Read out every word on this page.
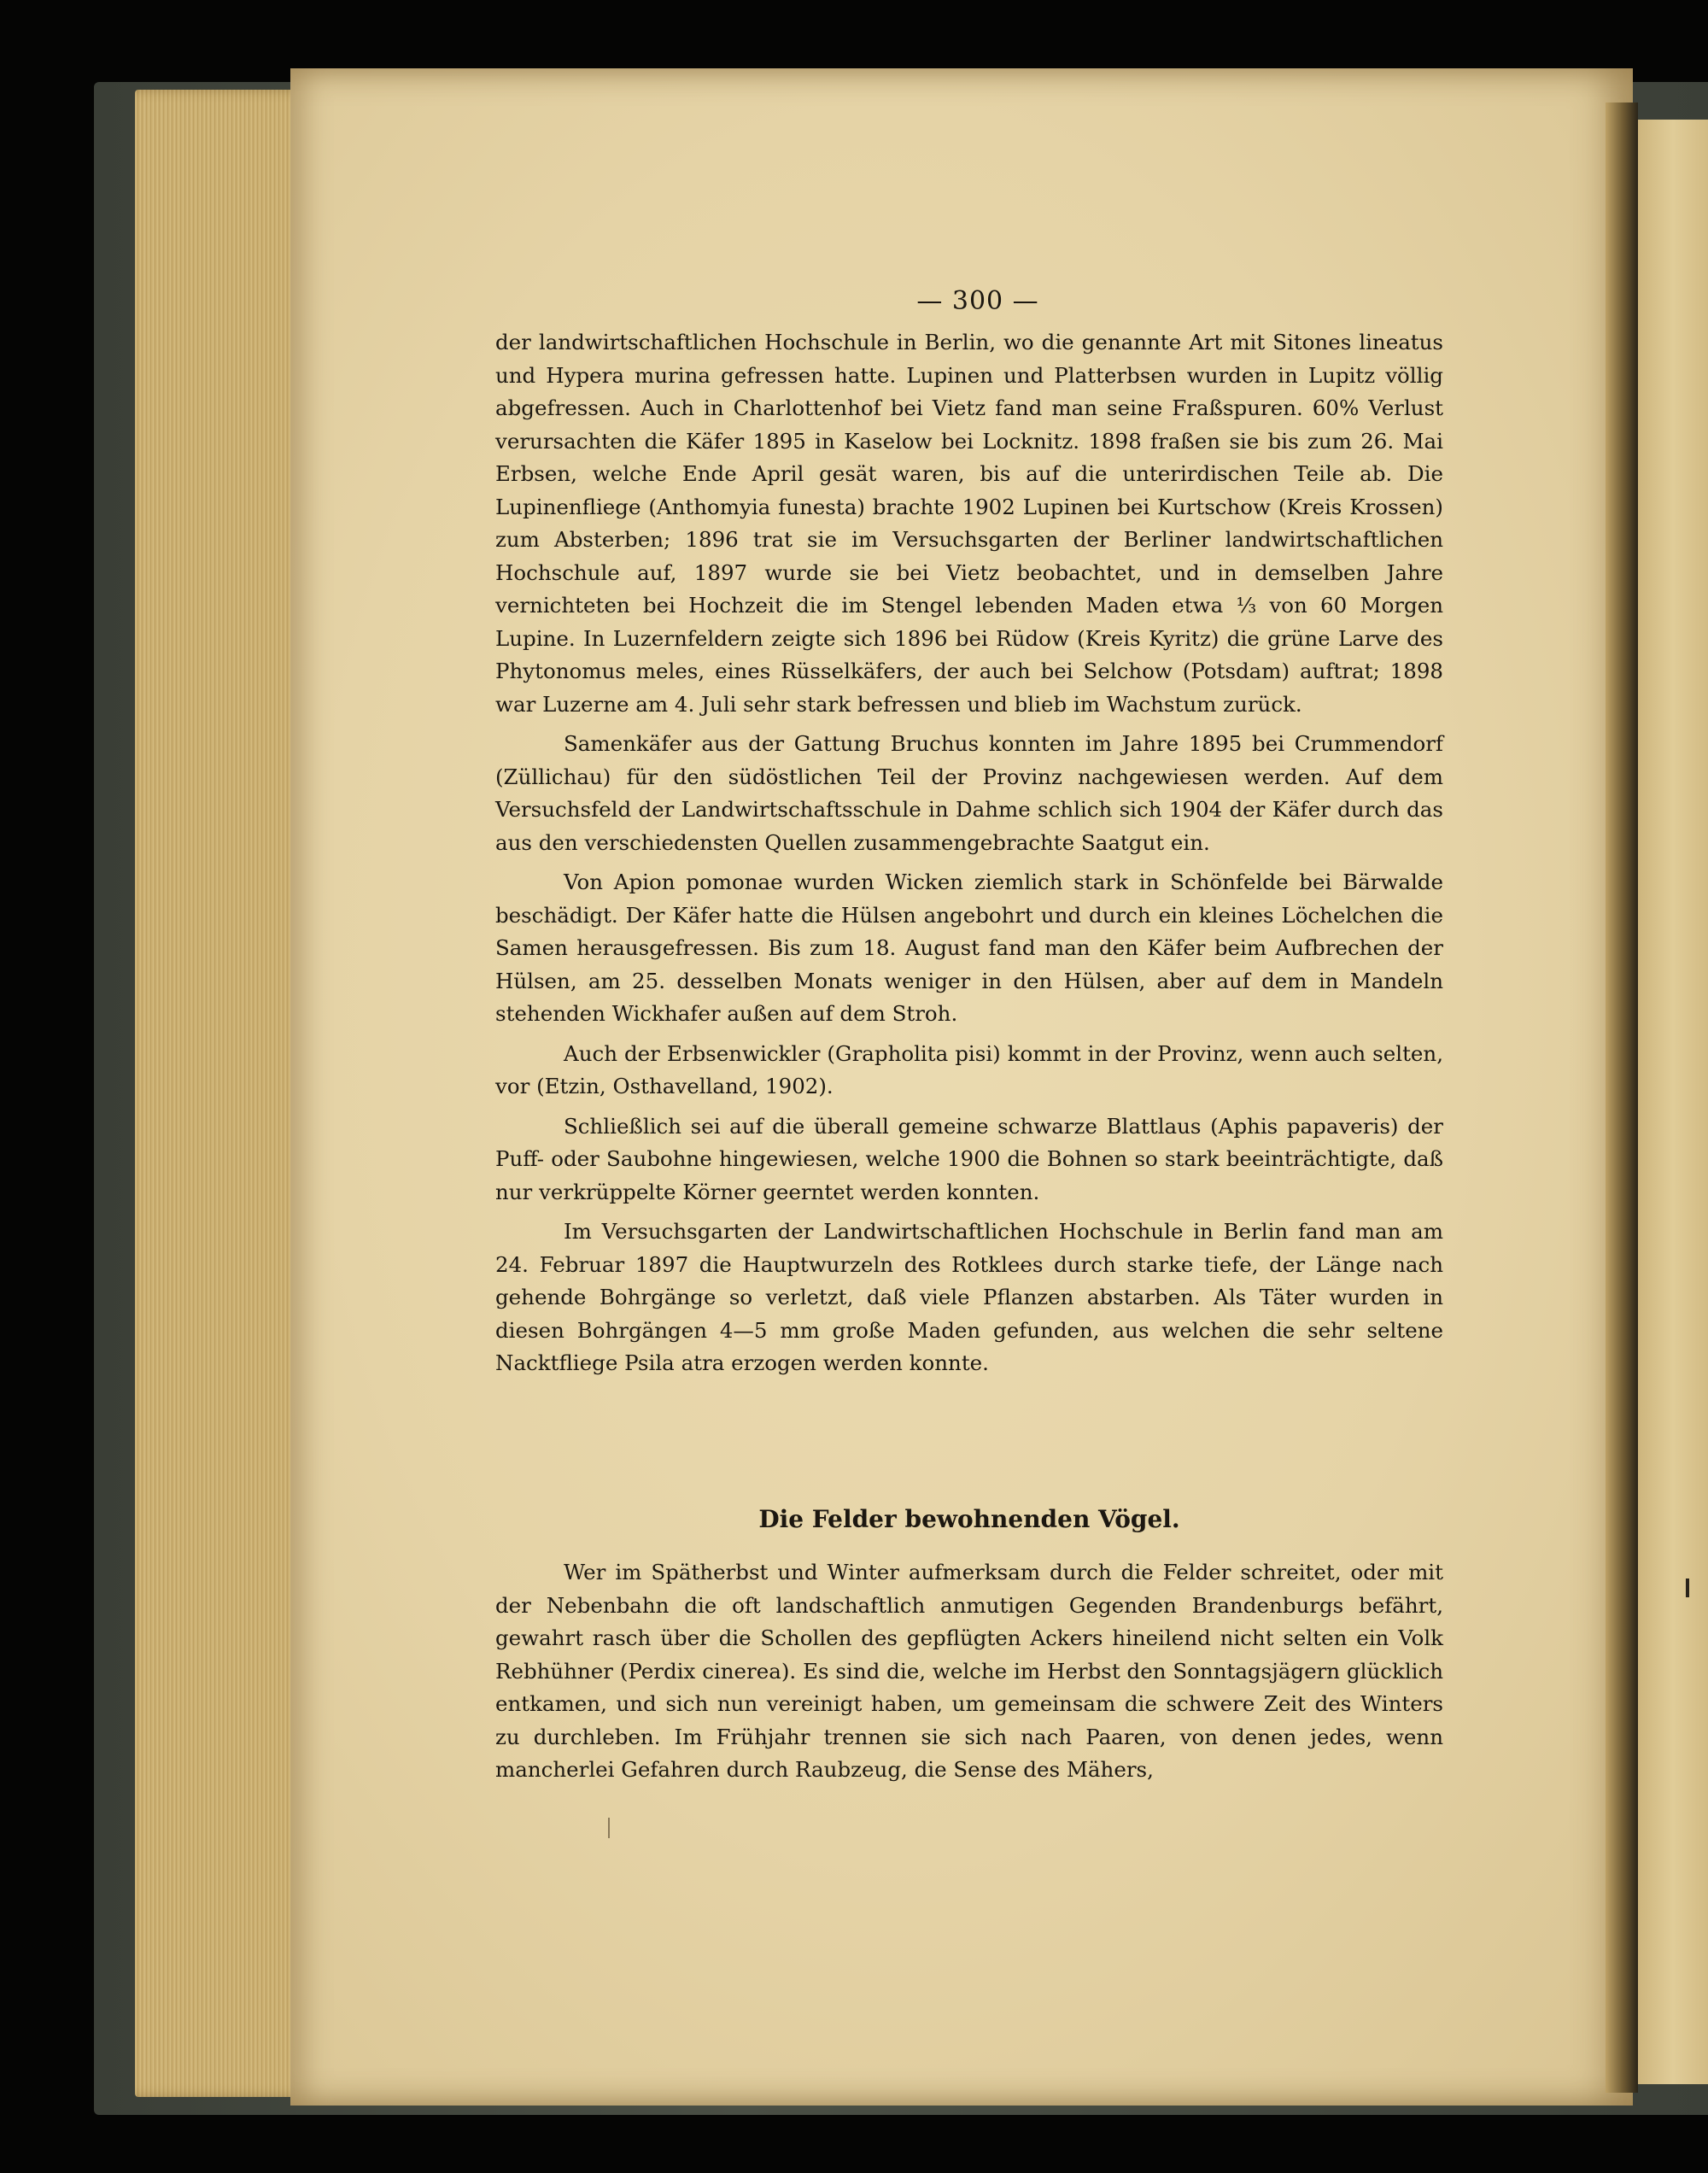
— 300 —

der landwirtschaftlichen Hochschule in Berlin, wo die genannte Art mit Sitones lineatus und Hypera murina gefressen hatte. Lupinen und Platterbsen wurden in Lupitz völlig abgefressen. Auch in Charlottenhof bei Vietz fand man seine Fraßspuren. 60% Verlust verursachten die Käfer 1895 in Kaselow bei Locknitz. 1898 fraßen sie bis zum 26. Mai Erbsen, welche Ende April gesät waren, bis auf die unterirdischen Teile ab. Die Lupinenfliege (Anthomyia funesta) brachte 1902 Lupinen bei Kurtschow (Kreis Krossen) zum Absterben; 1896 trat sie im Versuchsgarten der Berliner landwirtschaftlichen Hochschule auf, 1897 wurde sie bei Vietz beobachtet, und in demselben Jahre vernichteten bei Hochzeit die im Stengel lebenden Maden etwa ⅓ von 60 Morgen Lupine. In Luzernfeldern zeigte sich 1896 bei Rüdow (Kreis Kyritz) die grüne Larve des Phytonomus meles, eines Rüsselkäfers, der auch bei Selchow (Potsdam) auftrat; 1898 war Luzerne am 4. Juli sehr stark befressen und blieb im Wachstum zurück.

Samenkäfer aus der Gattung Bruchus konnten im Jahre 1895 bei Crummendorf (Züllichau) für den südöstlichen Teil der Provinz nachgewiesen werden. Auf dem Versuchsfeld der Landwirtschaftsschule in Dahme schlich sich 1904 der Käfer durch das aus den verschiedensten Quellen zusammengebrachte Saatgut ein.

Von Apion pomonae wurden Wicken ziemlich stark in Schönfelde bei Bärwalde beschädigt. Der Käfer hatte die Hülsen angebohrt und durch ein kleines Löchelchen die Samen herausgefressen. Bis zum 18. August fand man den Käfer beim Aufbrechen der Hülsen, am 25. desselben Monats weniger in den Hülsen, aber auf dem in Mandeln stehenden Wickhafer außen auf dem Stroh.

Auch der Erbsenwickler (Grapholita pisi) kommt in der Provinz, wenn auch selten, vor (Etzin, Osthavelland, 1902).

Schließlich sei auf die überall gemeine schwarze Blattlaus (Aphis papaveris) der Puff- oder Saubohne hingewiesen, welche 1900 die Bohnen so stark beeinträchtigte, daß nur verkrüppelte Körner geerntet werden konnten.

Im Versuchsgarten der Landwirtschaftlichen Hochschule in Berlin fand man am 24. Februar 1897 die Hauptwurzeln des Rotklees durch starke tiefe, der Länge nach gehende Bohrgänge so verletzt, daß viele Pflanzen abstarben. Als Täter wurden in diesen Bohrgängen 4—5 mm große Maden gefunden, aus welchen die sehr seltene Nacktfliege Psila atra erzogen werden konnte.

Die Felder bewohnenden Vögel.

Wer im Spätherbst und Winter aufmerksam durch die Felder schreitet, oder mit der Nebenbahn die oft landschaftlich anmutigen Gegenden Brandenburgs befährt, gewahrt rasch über die Schollen des gepflügten Ackers hineilend nicht selten ein Volk Rebhühner (Perdix cinerea). Es sind die, welche im Herbst den Sonntagsjägern glücklich entkamen, und sich nun vereinigt haben, um gemeinsam die schwere Zeit des Winters zu durchleben. Im Frühjahr trennen sie sich nach Paaren, von denen jedes, wenn mancherlei Gefahren durch Raubzeug, die Sense des Mähers,
